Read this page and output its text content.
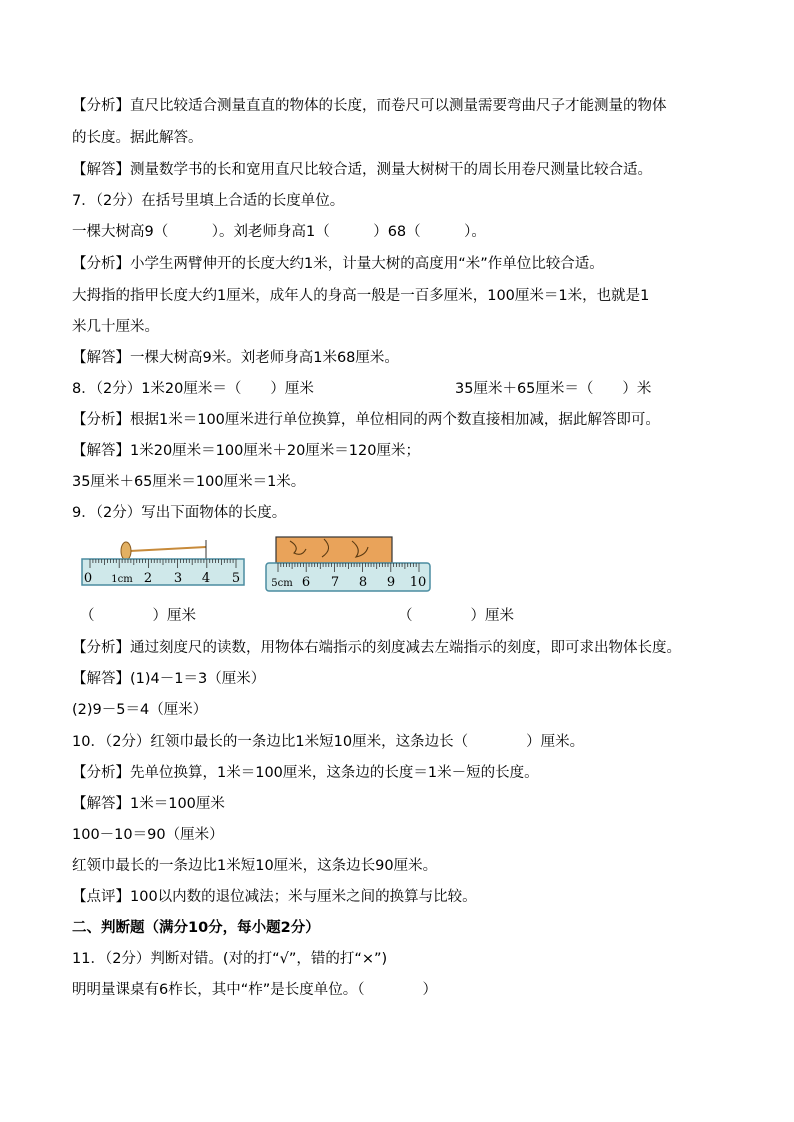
【分析】直尺比较适合测量直直的物体的长度，而卷尺可以测量需要弯曲尺子才能测量的物体
的长度。据此解答。
【解答】测量数学书的长和宽用直尺比较合适，测量大树树干的周长用卷尺测量比较合适。
7．（2分）在括号里填上合适的长度单位。
一棵大树高9（　　　）。刘老师身高1（　　　）68（　　　）。
【分析】小学生两臂伸开的长度大约1米，计量大树的高度用“米”作单位比较合适。
大拇指的指甲长度大约1厘米，成年人的身高一般是一百多厘米，100厘米＝1米，也就是1
米几十厘米。
【解答】一棵大树高9米。刘老师身高1米68厘米。
8．（2分）1米20厘米＝（　　）厘米	35厘米＋65厘米＝（　　）米
【分析】根据1米＝100厘米进行单位换算，单位相同的两个数直接相加减，据此解答即可。
【解答】1米20厘米＝100厘米＋20厘米＝120厘米；
35厘米＋65厘米＝100厘米＝1米。
9．（2分）写出下面物体的长度。
0 1cm 2 3 4 5	5cm 6 7 8 9 10
（　　　　）厘米	（　　　　）厘米
【分析】通过刻度尺的读数，用物体右端指示的刻度减去左端指示的刻度，即可求出物体长度。
【解答】(1)4－1＝3（厘米）
(2)9－5＝4（厘米）
10．（2分）红领巾最长的一条边比1米短10厘米，这条边长（　　　　）厘米。
【分析】先单位换算，1米＝100厘米，这条边的长度＝1米－短的长度。
【解答】1米＝100厘米
100－10＝90（厘米）
红领巾最长的一条边比1米短10厘米，这条边长90厘米。
【点评】100以内数的退位减法；米与厘米之间的换算与比较。
二、判断题（满分10分，每小题2分）
11．（2分）判断对错。(对的打“√”，错的打“×”)
明明量课桌有6柞长，其中“柞”是长度单位。（　　　　）
